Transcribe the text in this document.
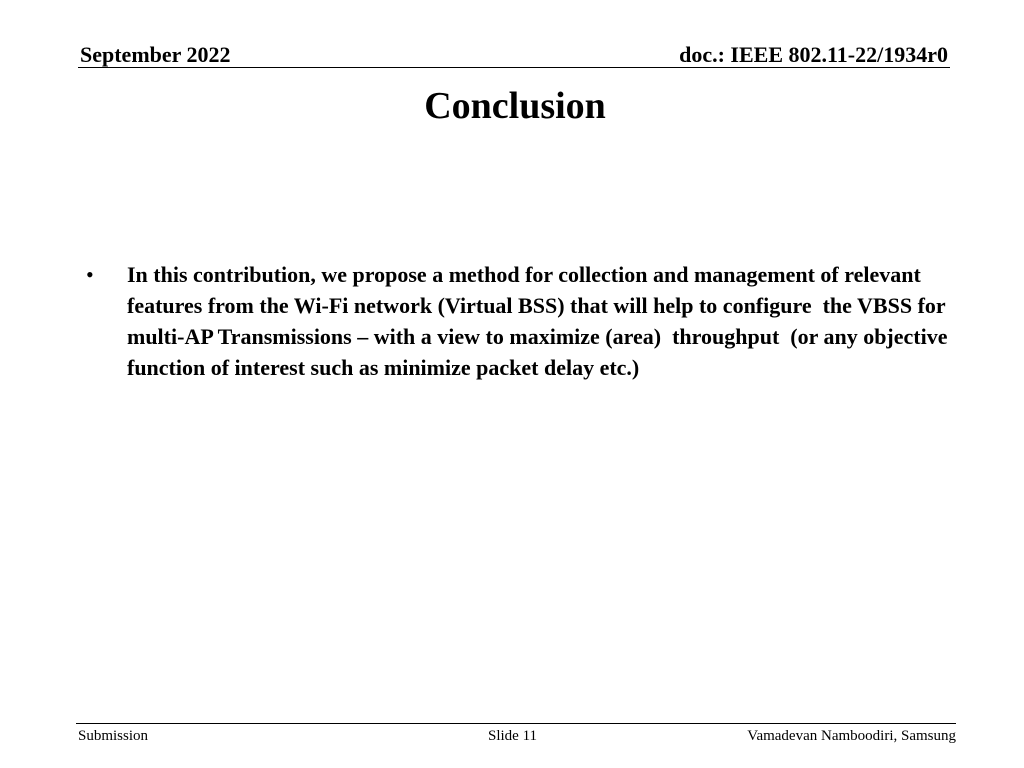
September 2022	doc.: IEEE 802.11-22/1934r0
Conclusion
• In this contribution, we propose a method for collection and management of relevant features from the Wi-Fi network (Virtual BSS) that will help to configure  the VBSS for multi-AP Transmissions – with a view to maximize (area)  throughput  (or any objective function of interest such as minimize packet delay etc.)
Submission	Slide 11	Vamadevan Namboodiri, Samsung
